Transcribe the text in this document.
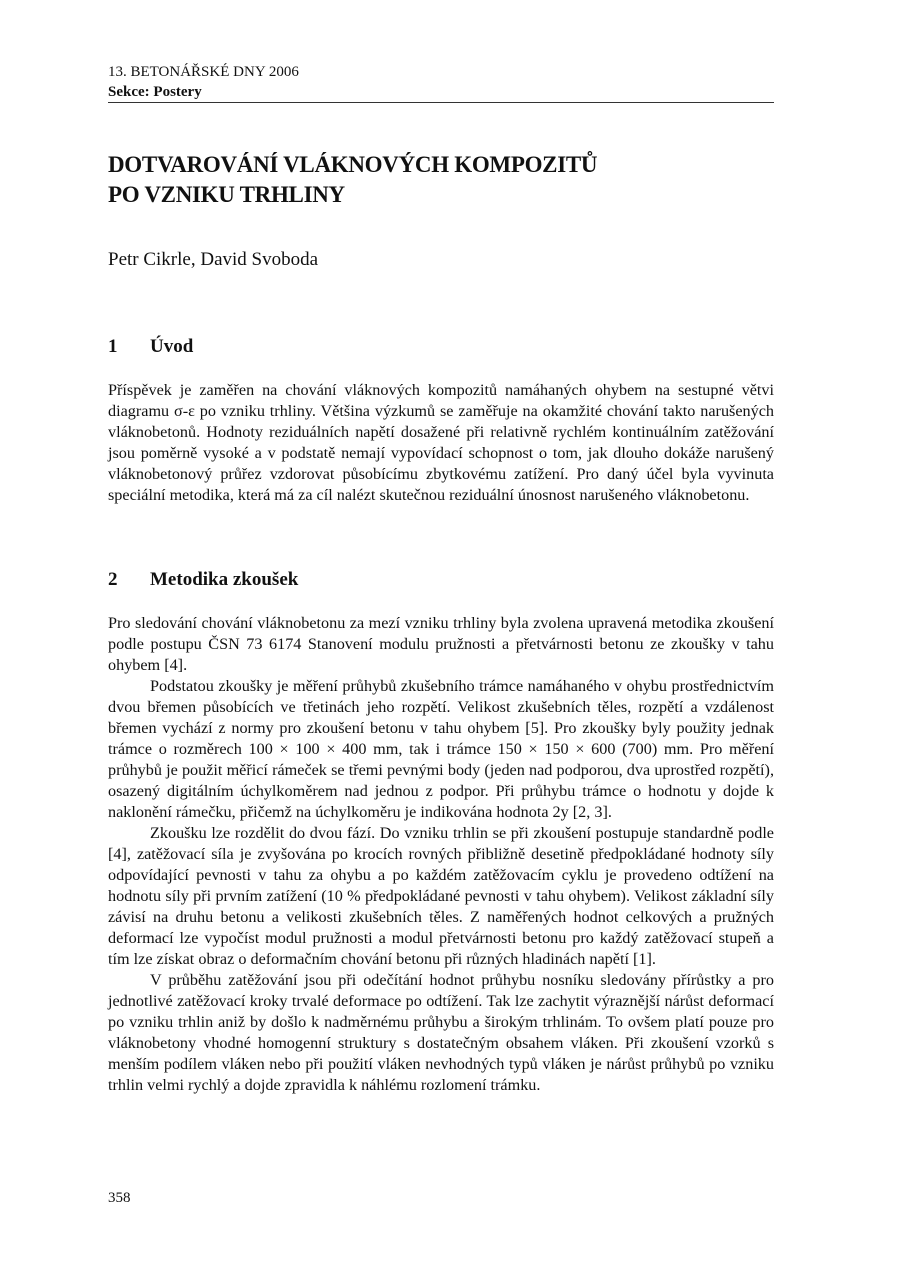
13. BETONÁŘSKÉ DNY 2006
Sekce: Postery
DOTVAROVÁNÍ VLÁKNOVÝCH KOMPOZITŮ
PO VZNIKU TRHLINY
Petr Cikrle, David Svoboda
1 Úvod

Příspěvek je zaměřen na chování vláknových kompozitů namáhaných ohybem na sestupné větvi diagramu σ-ε po vzniku trhliny. Většina výzkumů se zaměřuje na okamžité chování takto narušených vláknobetonů. Hodnoty reziduálních napětí dosažené při relativně rychlém kontinuálním zatěžování jsou poměrně vysoké a v podstatě nemají vypovídací schopnost o tom, jak dlouho dokáže narušený vláknobetonový průřez vzdorovat působícímu zbytkovému zatížení. Pro daný účel byla vyvinuta speciální metodika, která má za cíl nalézt skutečnou reziduální únosnost narušeného vláknobetonu.

2 Metodika zkoušek

Pro sledování chování vláknobetonu za mezí vzniku trhliny byla zvolena upravená metodika zkoušení podle postupu ČSN 73 6174 Stanovení modulu pružnosti a přetvárnosti betonu ze zkoušky v tahu ohybem [4].

Podstatou zkoušky je měření průhybů zkušebního trámce namáhaného v ohybu prostřednictvím dvou břemen působících ve třetinách jeho rozpětí. Velikost zkušebních těles, rozpětí a vzdálenost břemen vychází z normy pro zkoušení betonu v tahu ohybem [5]. Pro zkoušky byly použity jednak trámce o rozměrech 100 × 100 × 400 mm, tak i trámce 150 × 150 × 600 (700) mm. Pro měření průhybů je použit měřicí rámeček se třemi pevnými body (jeden nad podporou, dva uprostřed rozpětí), osazený digitálním úchylkoměrem nad jednou z podpor. Při průhybu trámce o hodnotu y dojde k naklonění rámečku, přičemž na úchylkoměru je indikována hodnota 2y [2, 3].

Zkoušku lze rozdělit do dvou fází. Do vzniku trhlin se při zkoušení postupuje standardně podle [4], zatěžovací síla je zvyšována po krocích rovných přibližně desetině předpokládané hodnoty síly odpovídající pevnosti v tahu za ohybu a po každém zatěžovacím cyklu je provedeno odtížení na hodnotu síly při prvním zatížení (10 % předpokládané pevnosti v tahu ohybem). Velikost základní síly závisí na druhu betonu a velikosti zkušebních těles. Z naměřených hodnot celkových a pružných deformací lze vypočíst modul pružnosti a modul přetvárnosti betonu pro každý zatěžovací stupeň a tím lze získat obraz o deformačním chování betonu při různých hladinách napětí [1].

V průběhu zatěžování jsou při odečítání hodnot průhybu nosníku sledovány přírůstky a pro jednotlivé zatěžovací kroky trvalé deformace po odtížení. Tak lze zachytit výraznější nárůst deformací po vzniku trhlin aniž by došlo k nadměrnému průhybu a širokým trhlinám. To ovšem platí pouze pro vláknobetony vhodné homogenní struktury s dostatečným obsahem vláken. Při zkoušení vzorků s menším podílem vláken nebo při použití vláken nevhodných typů vláken je nárůst průhybů po vzniku trhlin velmi rychlý a dojde zpravidla k náhlému rozlomení trámku.

358
